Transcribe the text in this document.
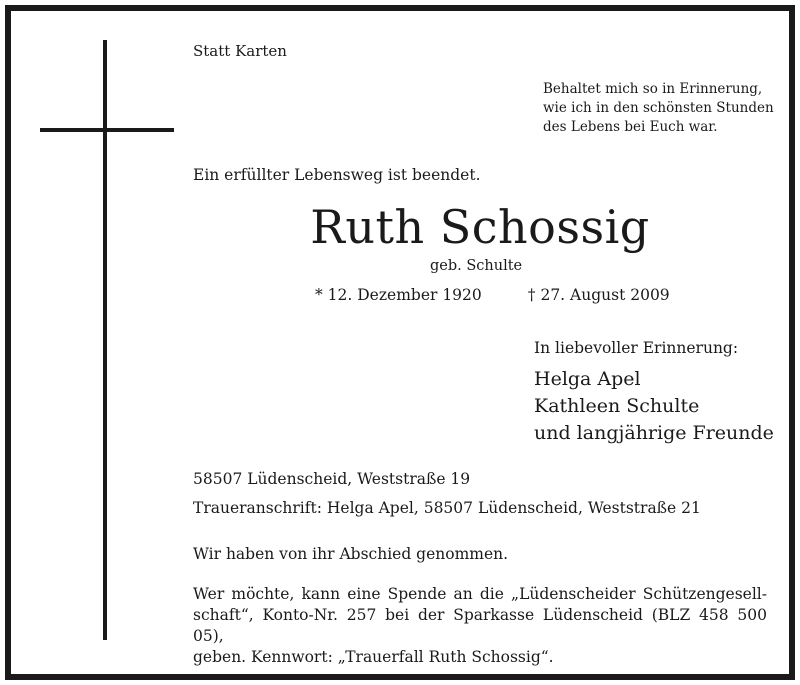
Statt Karten
Behaltet mich so in Erinnerung,
wie ich in den schönsten Stunden
des Lebens bei Euch war.
Ein erfüllter Lebensweg ist beendet.
Ruth Schossig
geb. Schulte
* 12. Dezember 1920	† 27. August 2009
In liebevoller Erinnerung:
Helga Apel
Kathleen Schulte
und langjährige Freunde
58507 Lüdenscheid, Weststraße 19
Traueranschrift: Helga Apel, 58507 Lüdenscheid, Weststraße 21
Wir haben von ihr Abschied genommen.
Wer möchte, kann eine Spende an die „Lüdenscheider Schützengesell-
schaft“, Konto-Nr. 257 bei der Sparkasse Lüdenscheid (BLZ 458 500 05),
geben. Kennwort: „Trauerfall Ruth Schossig“.
